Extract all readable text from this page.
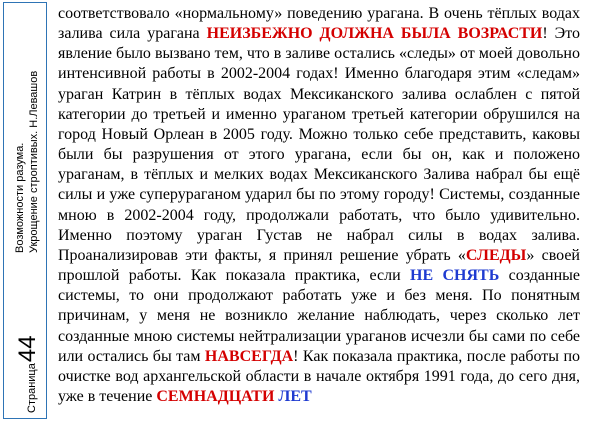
Страница
44
Возможности разума. Укрощение строптивых. Н.Левашов

соответствовало «нормальному» поведению урагана. В очень тёплых водах залива сила урагана НЕИЗБЕЖНО ДОЛЖНА БЫЛА ВОЗРАСТИ! Это явление было вызвано тем, что в заливе остались «следы» от моей довольно интенсивной работы в 2002-2004 годах! Именно благодаря этим «следам» ураган Катрин в тёплых водах Мексиканского залива ослаблен с пятой категории до третьей и именно ураганом третьей категории обрушился на город Новый Орлеан в 2005 году. Можно только себе представить, каковы были бы разрушения от этого урагана, если бы он, как и положено ураганам, в тёплых и мелких водах Мексиканского Залива набрал бы ещё силы и уже суперураганом ударил бы по этому городу! Системы, созданные мною в 2002-2004 году, продолжали работать, что было удивительно. Именно поэтому ураган Густав не набрал силы в водах залива. Проанализировав эти факты, я принял решение убрать «СЛЕДЫ» своей прошлой работы. Как показала практика, если НЕ СНЯТЬ созданные системы, то они продолжают работать уже и без меня. По понятным причинам, у меня не возникло желание наблюдать, через сколько лет созданные мною системы нейтрализации ураганов исчезли бы сами по себе или остались бы там НАВСЕГДА! Как показала практика, после работы по очистке вод архангельской области в начале октября 1991 года, до сего дня, уже в течение СЕМНАДЦАТИ ЛЕТ
